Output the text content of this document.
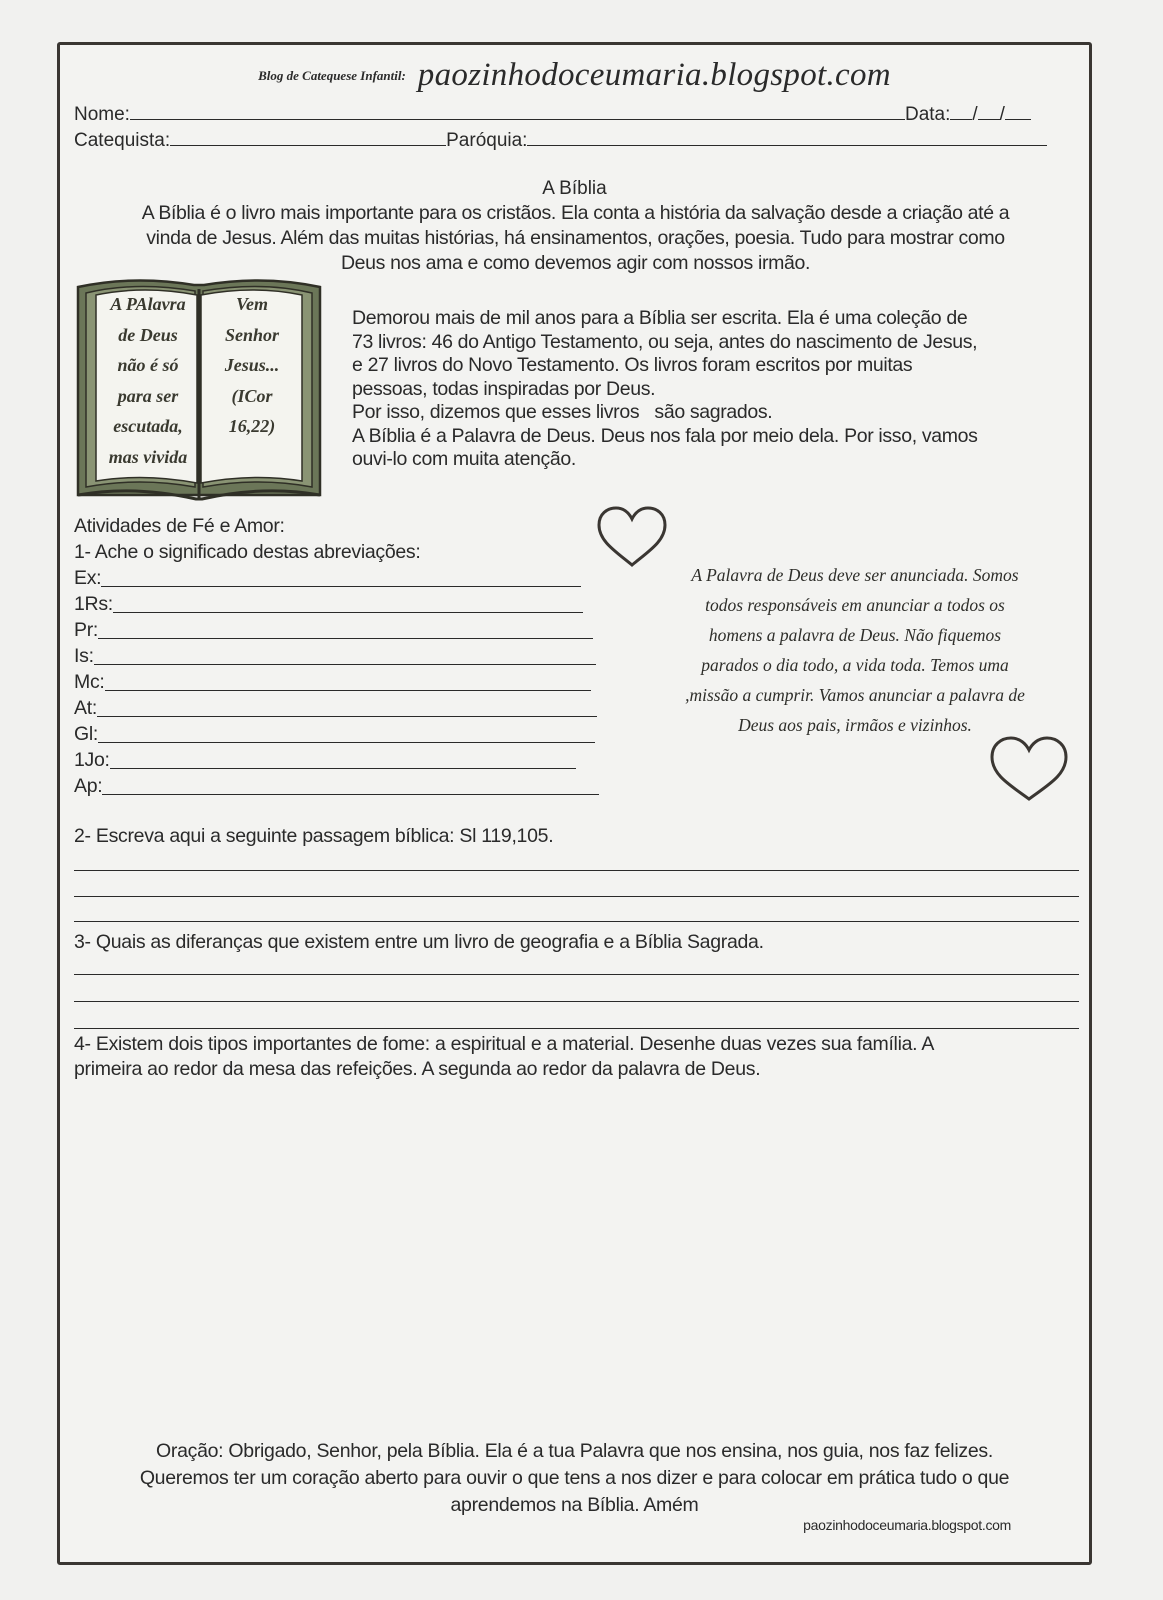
Blog de Catequese Infantil: paozinhodoceumaria.blogspot.com
Nome:	Data: / /
Catequista:	Paróquia:
A Bíblia
A Bíblia é o livro mais importante para os cristãos. Ela conta a história da salvação desde a criação até a
vinda de Jesus. Além das muitas histórias, há ensinamentos, orações, poesia. Tudo para mostrar como
Deus nos ama e como devemos agir com nossos irmão.
A PAlavra
de Deus
não é só
para ser
escutada,
mas vivida
Vem
Senhor
Jesus...
(ICor
16,22)
Demorou mais de mil anos para a Bíblia ser escrita. Ela é uma coleção de
73 livros: 46 do Antigo Testamento, ou seja, antes do nascimento de Jesus,
e 27 livros do Novo Testamento. Os livros foram escritos por muitas
pessoas, todas inspiradas por Deus.
Por isso, dizemos que esses livros   são sagrados.
A Bíblia é a Palavra de Deus. Deus nos fala por meio dela. Por isso, vamos
ouvi-lo com muita atenção.
Atividades de Fé e Amor:
1- Ache o significado destas abreviações:
Ex:
1Rs:
Pr:
Is:
Mc:
At:
Gl:
1Jo:
Ap:
A Palavra de Deus deve ser anunciada. Somos
todos responsáveis em anunciar a todos os
homens a palavra de Deus. Não fiquemos
parados o dia todo, a vida toda. Temos uma
,missão a cumprir. Vamos anunciar a palavra de
Deus aos pais, irmãos e vizinhos.
2- Escreva aqui a seguinte passagem bíblica: Sl 119,105.
3- Quais as diferanças que existem entre um livro de geografia e a Bíblia Sagrada.
4- Existem dois tipos importantes de fome: a espiritual e a material. Desenhe duas vezes sua família. A
primeira ao redor da mesa das refeições. A segunda ao redor da palavra de Deus.
Oração: Obrigado, Senhor, pela Bíblia. Ela é a tua Palavra que nos ensina, nos guia, nos faz felizes.
Queremos ter um coração aberto para ouvir o que tens a nos dizer e para colocar em prática tudo o que
aprendemos na Bíblia. Amém
paozinhodoceumaria.blogspot.com
